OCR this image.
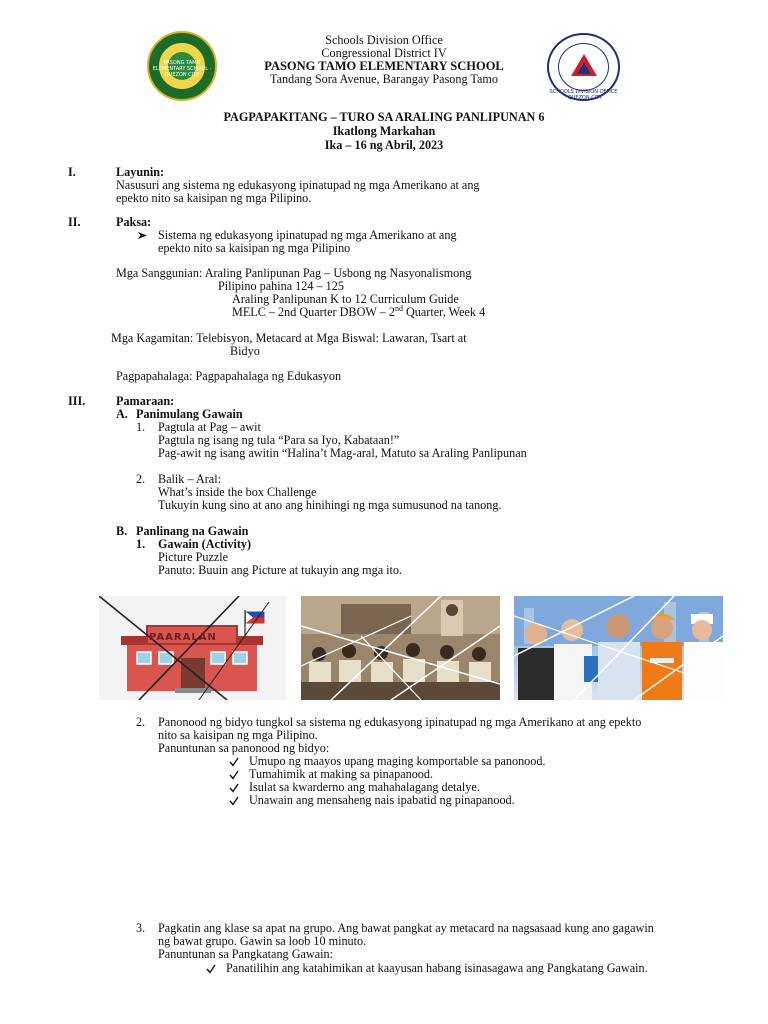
PASONG TAMO ELEMENTARY SCHOOL · QUEZON CITY
SCHOOLS DIVISION OFFICE · QUEZON CITY
Schools Division Office
Congressional District IV
PASONG TAMO ELEMENTARY SCHOOL
Tandang Sora Avenue, Barangay Pasong Tamo
PAGPAPAKITANG – TURO SA ARALING PANLIPUNAN 6
Ikatlong Markahan
Ika – 16 ng Abril, 2023
I.	Layunin:
Nasusuri ang sistema ng edukasyong ipinatupad ng mga Amerikano at ang
epekto nito sa kaisipan ng mga Pilipino.
II.	Paksa:
Sistema ng edukasyong ipinatupad ng mga Amerikano at ang
epekto nito sa kaisipan ng mga Pilipino
Mga Sanggunian: Araling Panlipunan Pag – Usbong ng Nasyonalismong
Pilipino pahina 124 – 125
Araling Panlipunan K to 12 Curriculum Guide
MELC – 2nd Quarter DBOW – 2nd Quarter, Week 4
Mga Kagamitan: Telebisyon, Metacard at Mga Biswal: Lawaran, Tsart at
Bidyo
Pagpapahalaga: Pagpapahalaga ng Edukasyon
III.	Pamaraan:
A. Panimulang Gawain
1. Pagtula at Pag – awit
Pagtula ng isang ng tula “Para sa Iyo, Kabataan!”
Pag-awit ng isang awitin “Halina’t Mag-aral, Matuto sa Araling Panlipunan
2. Balik – Aral:
What’s inside the box Challenge
Tukuyin kung sino at ano ang hinihingi ng mga sumusunod na tanong.
B. Panlinang na Gawain
1. Gawain (Activity)
Picture Puzzle
Panuto: Buuin ang Picture at tukuyin ang mga ito.
PAARALAN
2. Panonood ng bidyo tungkol sa sistema ng edukasyong ipinatupad ng mga Amerikano at ang epekto
nito sa kaisipan ng mga Pilipino.
Panuntunan sa panonood ng bidyo:
Umupo ng maayos upang maging komportable sa panonood.
Tumahimik at making sa pinapanood.
Isulat sa kwarderno ang mahahalagang detalye.
Unawain ang mensaheng nais ipabatid ng pinapanood.
3. Pagkatin ang klase sa apat na grupo. Ang bawat pangkat ay metacard na nagsasaad kung ano gagawin
ng bawat grupo. Gawin sa loob 10 minuto.
Panuntunan sa Pangkatang Gawain:
Panatilihin ang katahimikan at kaayusan habang isinasagawa ang Pangkatang Gawain.
